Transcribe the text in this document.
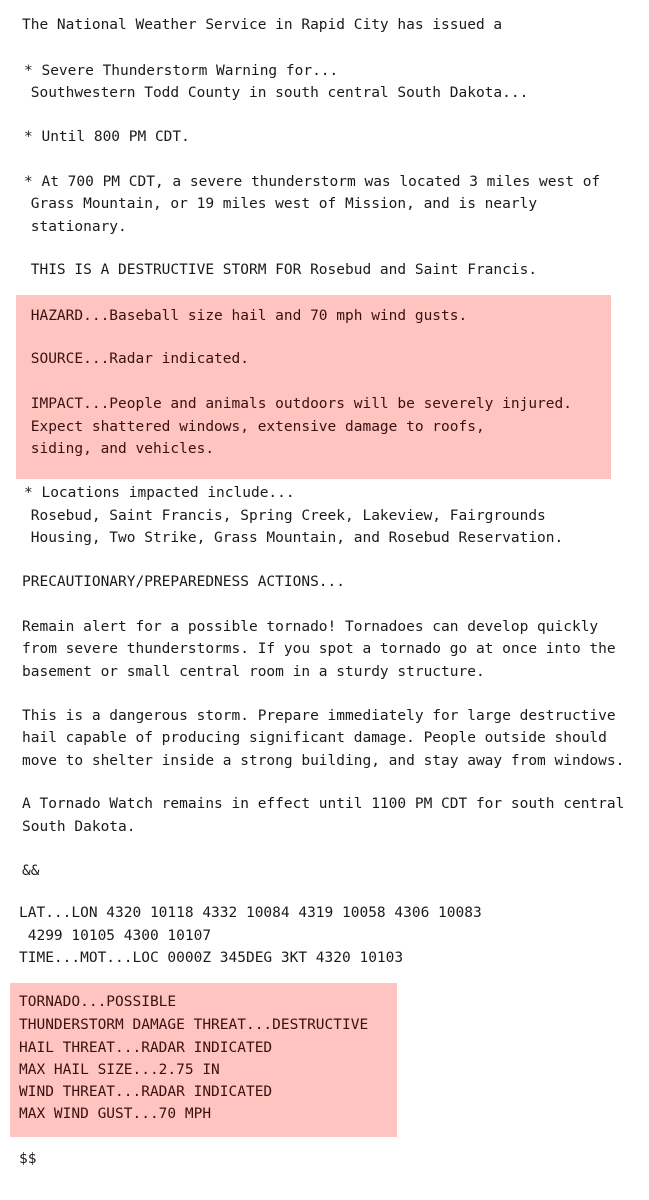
The National Weather Service in Rapid City has issued a

* Severe Thunderstorm Warning for...

Southwestern Todd County in south central South Dakota...

* Until 800 PM CDT.

* At 700 PM CDT, a severe thunderstorm was located 3 miles west of

Grass Mountain, or 19 miles west of Mission, and is nearly

stationary.

THIS IS A DESTRUCTIVE STORM FOR Rosebud and Saint Francis.

HAZARD...Baseball size hail and 70 mph wind gusts.

SOURCE...Radar indicated.

IMPACT...People and animals outdoors will be severely injured.

Expect shattered windows, extensive damage to roofs,

siding, and vehicles.

* Locations impacted include...

Rosebud, Saint Francis, Spring Creek, Lakeview, Fairgrounds

Housing, Two Strike, Grass Mountain, and Rosebud Reservation.

PRECAUTIONARY/PREPAREDNESS ACTIONS...

Remain alert for a possible tornado! Tornadoes can develop quickly

from severe thunderstorms. If you spot a tornado go at once into the

basement or small central room in a sturdy structure.

This is a dangerous storm. Prepare immediately for large destructive

hail capable of producing significant damage. People outside should

move to shelter inside a strong building, and stay away from windows.

A Tornado Watch remains in effect until 1100 PM CDT for south central

South Dakota.

&&

LAT...LON 4320 10118 4332 10084 4319 10058 4306 10083

4299 10105 4300 10107

TIME...MOT...LOC 0000Z 345DEG 3KT 4320 10103

TORNADO...POSSIBLE

THUNDERSTORM DAMAGE THREAT...DESTRUCTIVE

HAIL THREAT...RADAR INDICATED

MAX HAIL SIZE...2.75 IN

WIND THREAT...RADAR INDICATED

MAX WIND GUST...70 MPH

$$
